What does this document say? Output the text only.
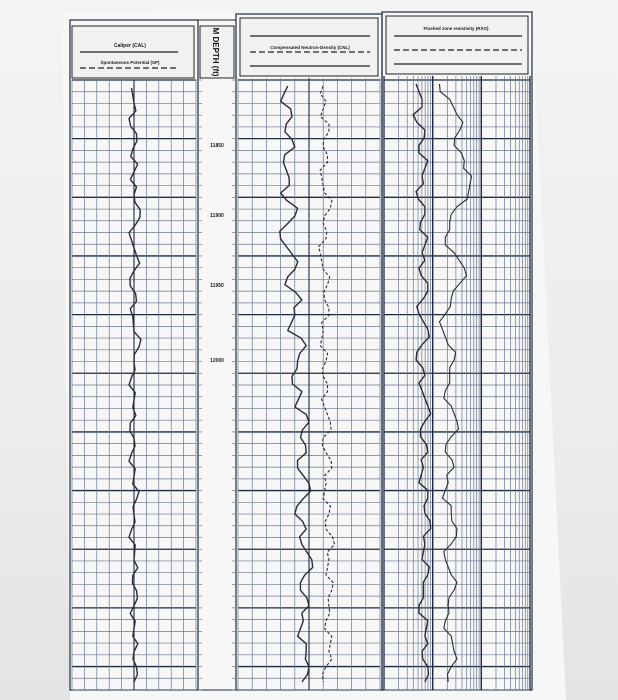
Caliper (CAL)
Spontaneous Potential (SP)	M DEPTH (ft)	Compensated Neutron-Density (CNL)
Flushed zone resistivity (RXO)
11850
11900
11950
12000
